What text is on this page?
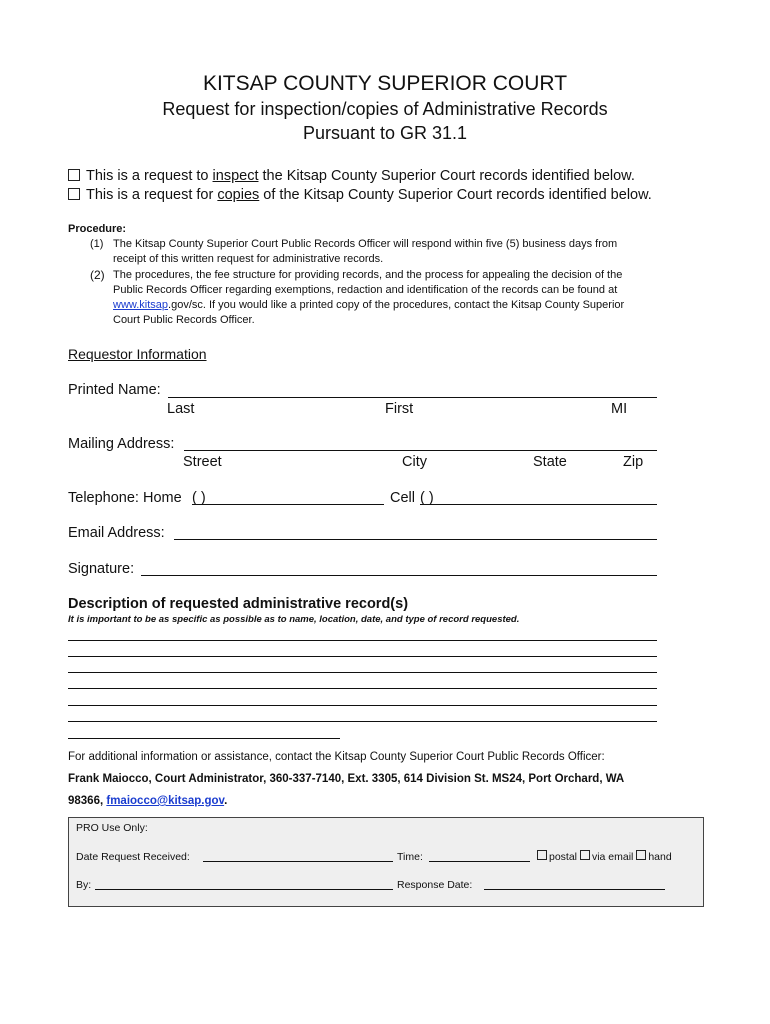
KITSAP COUNTY SUPERIOR COURT
Request for inspection/copies of Administrative Records
Pursuant to GR 31.1
This is a request to inspect the Kitsap County Superior Court records identified below.
This is a request for copies of the Kitsap County Superior Court records identified below.
Procedure:
(1) The Kitsap County Superior Court Public Records Officer will respond within five (5) business days from
receipt of this written request for administrative records.
(2) The procedures, the fee structure for providing records, and the process for appealing the decision of the
Public Records Officer regarding exemptions, redaction and identification of the records can be found at
www.kitsap.gov/sc. If you would like a printed copy of the procedures, contact the Kitsap County Superior
Court Public Records Officer.
Requestor Information
Printed Name:
Last	First	MI
Mailing Address:
Street	City	State	Zip
Telephone: Home ( )	Cell ( )
Email Address:
Signature:
Description of requested administrative record(s)
It is important to be as specific as possible as to name, location, date, and type of record requested.
For additional information or assistance, contact the Kitsap County Superior Court Public Records Officer:
Frank Maiocco, Court Administrator, 360-337-7140, Ext. 3305, 614 Division St. MS24, Port Orchard, WA
98366, fmaiocco@kitsap.gov.
PRO Use Only:
Date Request Received:	Time:	postal via email hand
By:	Response Date:
